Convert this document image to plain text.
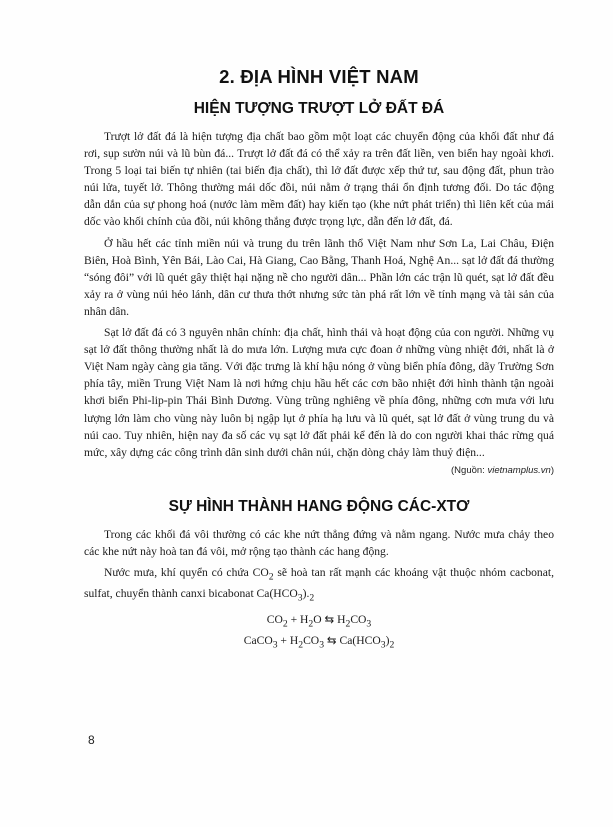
2. ĐỊA HÌNH VIỆT NAM
HIỆN TƯỢNG TRƯỢT LỞ ĐẤT ĐÁ

Trượt lở đất đá là hiện tượng địa chất bao gồm một loạt các chuyển động của khối đất như đá rơi, sụp sườn núi và lũ bùn đá... Trượt lở đất đá có thể xảy ra trên đất liền, ven biển hay ngoài khơi. Trong 5 loại tai biến tự nhiên (tai biến địa chất), thì lở đất được xếp thứ tư, sau động đất, phun trào núi lửa, tuyết lở. Thông thường mái dốc đồi, núi nằm ở trạng thái ổn định tương đối. Do tác động dẫn dắn của sự phong hoá (nước làm mềm đất) hay kiến tạo (khe nứt phát triển) thì liên kết của mái dốc vào khối chính của đồi, núi không thắng được trọng lực, dẫn đến lở đất, đá.

Ở hầu hết các tỉnh miền núi và trung du trên lãnh thổ Việt Nam như Sơn La, Lai Châu, Điện Biên, Hoà Bình, Yên Bái, Lào Cai, Hà Giang, Cao Bằng, Thanh Hoá, Nghệ An... sạt lở đất đá thường “sóng đôi” với lũ quét gây thiệt hại nặng nề cho người dân... Phần lớn các trận lũ quét, sạt lở đất đều xảy ra ở vùng núi hẻo lánh, dân cư thưa thớt nhưng sức tàn phá rất lớn về tính mạng và tài sản của nhân dân.

Sạt lở đất đá có 3 nguyên nhân chính: địa chất, hình thái và hoạt động của con người. Những vụ sạt lở đất thông thường nhất là do mưa lớn. Lượng mưa cực đoan ở những vùng nhiệt đới, nhất là ở Việt Nam ngày càng gia tăng. Với đặc trưng là khí hậu nóng ở vùng biển phía đông, dãy Trường Sơn phía tây, miền Trung Việt Nam là nơi hứng chịu hầu hết các cơn bão nhiệt đới hình thành tận ngoài khơi biển Phi-lip-pin Thái Bình Dương. Vùng trũng nghiêng về phía đông, những cơn mưa với lưu lượng lớn làm cho vùng này luôn bị ngập lụt ở phía hạ lưu và lũ quét, sạt lở đất ở vùng trung du và núi cao. Tuy nhiên, hiện nay đa số các vụ sạt lở đất phải kể đến là do con người khai thác rừng quá mức, xây dựng các công trình dân sinh dưới chân núi, chặn dòng chảy làm thuỷ điện...

(Nguồn: vietnamplus.vn)
SỰ HÌNH THÀNH HANG ĐỘNG CÁC-XTƠ

Trong các khối đá vôi thường có các khe nứt thẳng đứng và nằm ngang. Nước mưa chảy theo các khe nứt này hoà tan đá vôi, mở rộng tạo thành các hang động.

Nước mưa, khí quyển có chứa $CO_2$ sẽ hoà tan rất mạnh các khoáng vật thuộc nhóm cacbonat, sulfat, chuyển thành canxi bicabonat $Ca(HCO_3)._2$

$CO_2 + H_2O$ ⇆ $H_2CO_3$

CaCO$_3$ + $H_2CO_3$ ⇆ $Ca(HCO_3)_2$

8
